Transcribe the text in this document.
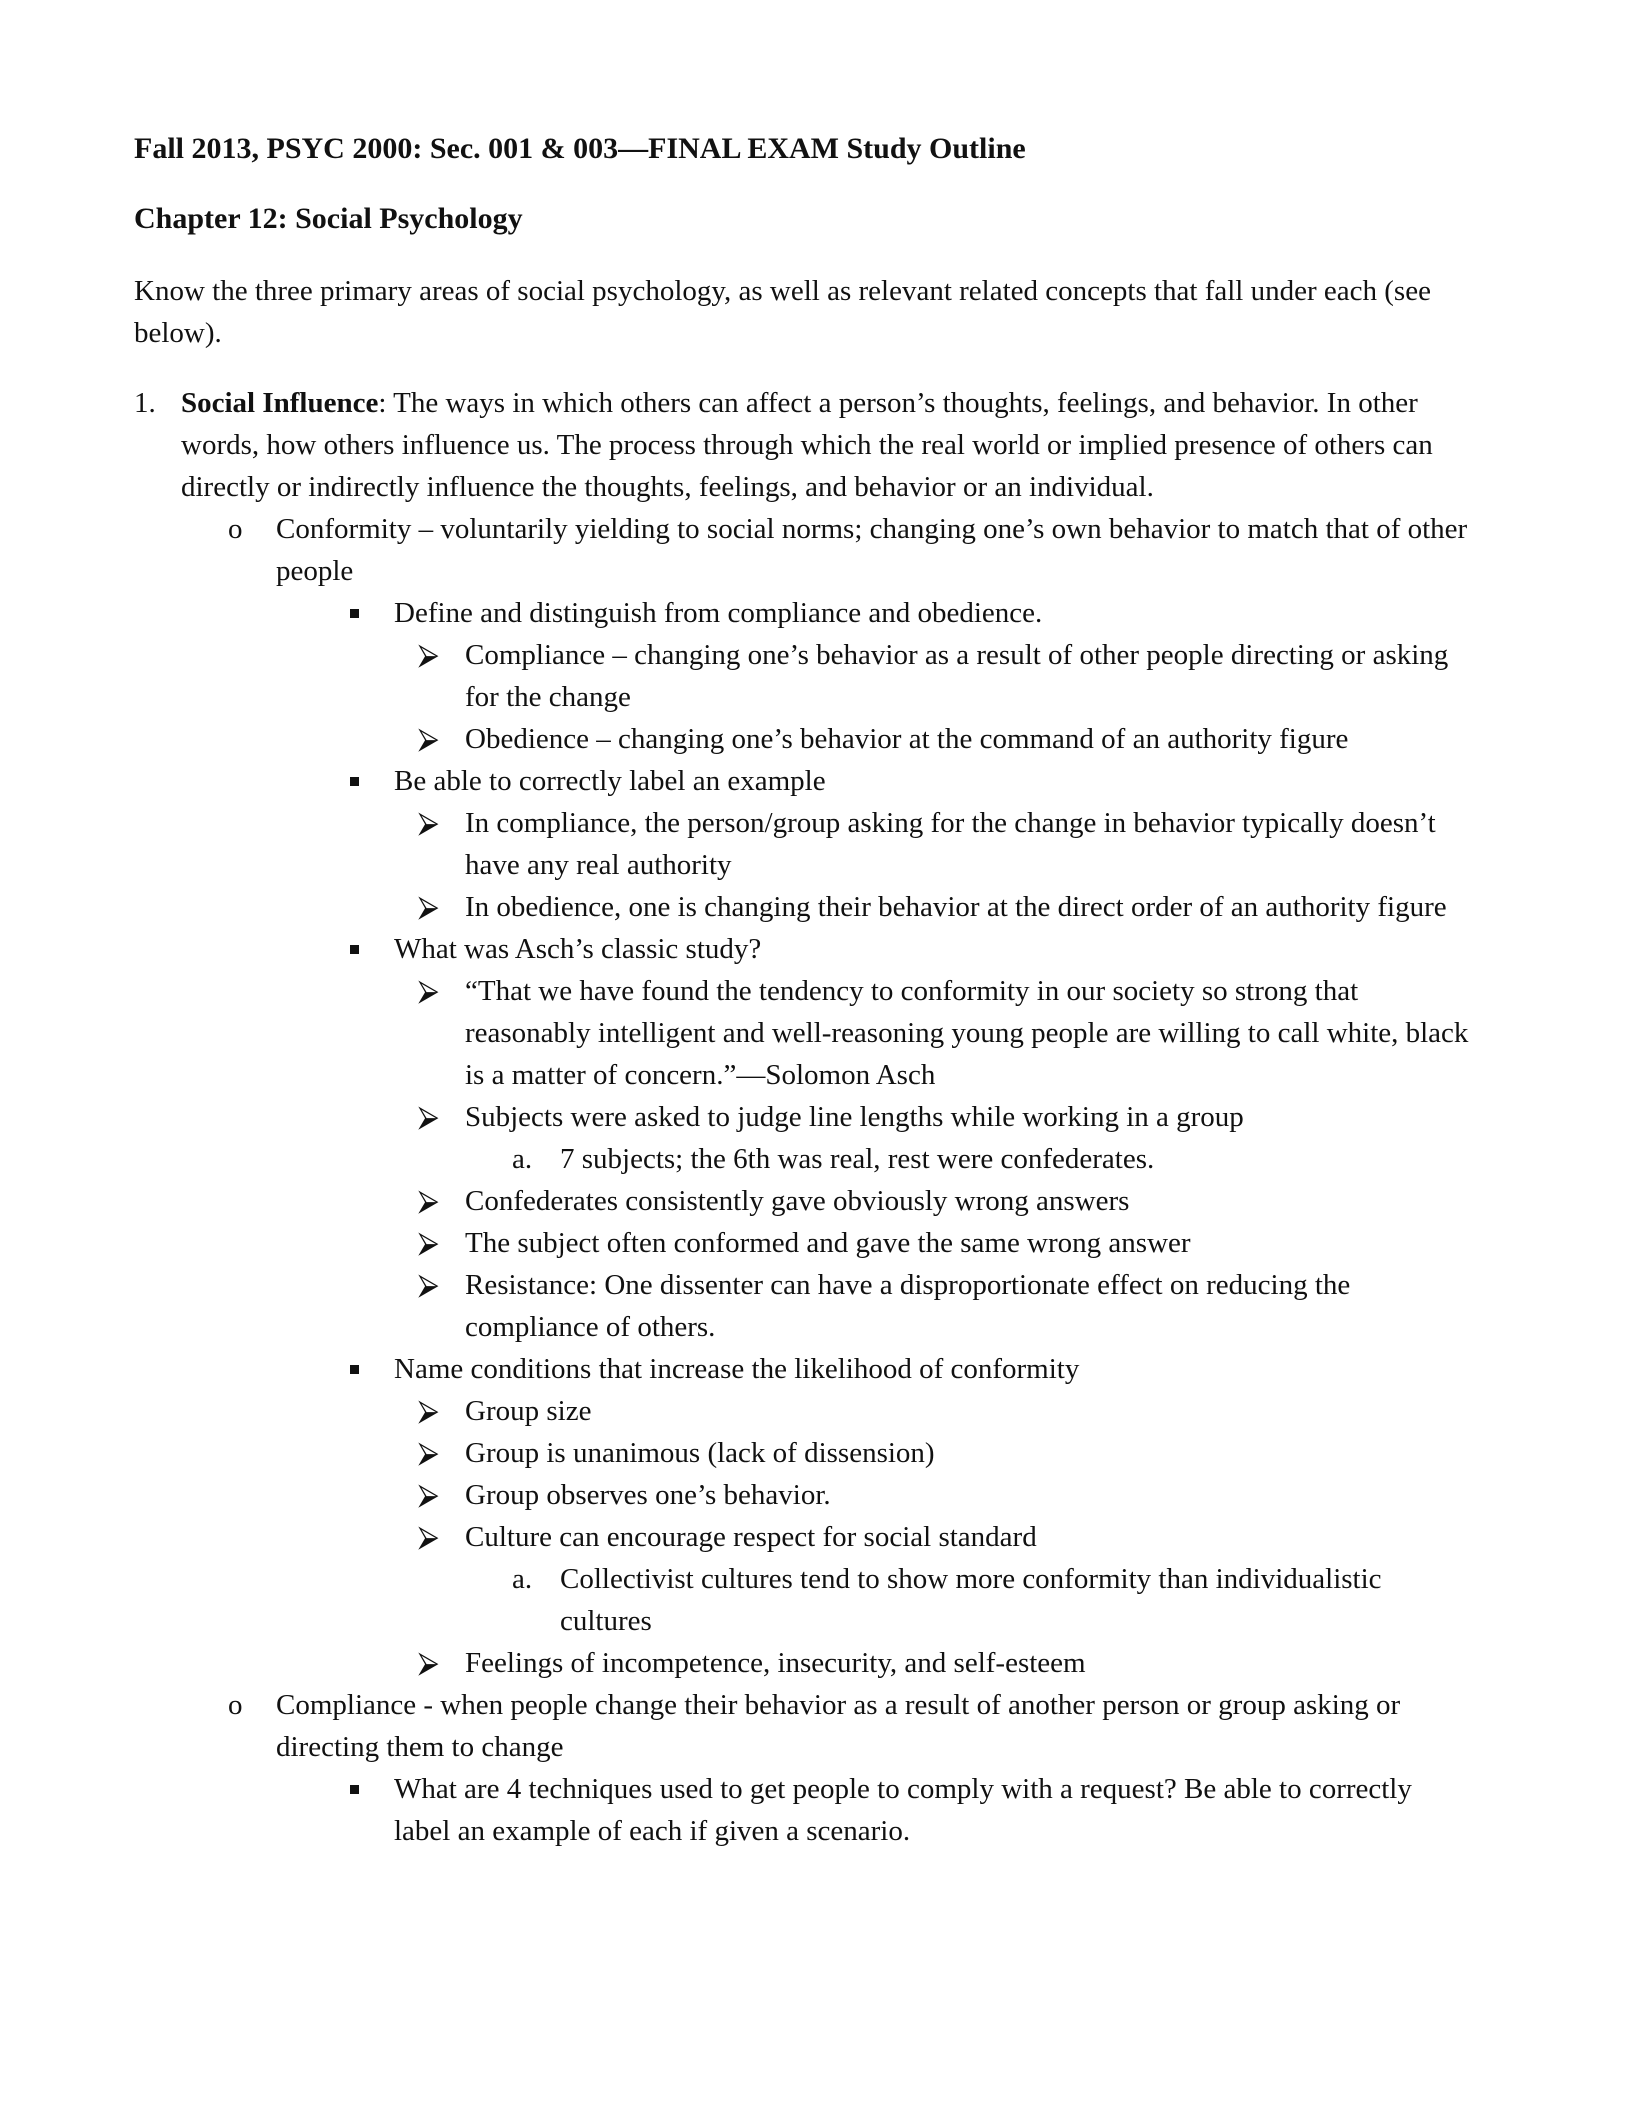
Fall 2013, PSYC 2000: Sec. 001 & 003—FINAL EXAM Study Outline

Chapter 12: Social Psychology

Know the three primary areas of social psychology, as well as relevant related concepts that fall under each (see below).

1. Social Influence: The ways in which others can affect a person’s thoughts, feelings, and behavior. In other words, how others influence us. The process through which the real world or implied presence of others can directly or indirectly influence the thoughts, feelings, and behavior or an individual.
o Conformity – voluntarily yielding to social norms; changing one’s own behavior to match that of other people
Define and distinguish from compliance and obedience.
⮚ Compliance – changing one’s behavior as a result of other people directing or asking for the change
⮚ Obedience – changing one’s behavior at the command of an authority figure
Be able to correctly label an example
⮚ In compliance, the person/group asking for the change in behavior typically doesn’t have any real authority
⮚ In obedience, one is changing their behavior at the direct order of an authority figure
What was Asch’s classic study?
⮚ “That we have found the tendency to conformity in our society so strong that reasonably intelligent and well-reasoning young people are willing to call white, black is a matter of concern.”—Solomon Asch
⮚ Subjects were asked to judge line lengths while working in a group
a. 7 subjects; the 6th was real, rest were confederates.
⮚ Confederates consistently gave obviously wrong answers
⮚ The subject often conformed and gave the same wrong answer
⮚ Resistance: One dissenter can have a disproportionate effect on reducing the compliance of others.
Name conditions that increase the likelihood of conformity
⮚ Group size
⮚ Group is unanimous (lack of dissension)
⮚ Group observes one’s behavior.
⮚ Culture can encourage respect for social standard
a. Collectivist cultures tend to show more conformity than individualistic cultures
⮚ Feelings of incompetence, insecurity, and self-esteem
o Compliance - when people change their behavior as a result of another person or group asking or directing them to change
What are 4 techniques used to get people to comply with a request? Be able to correctly label an example of each if given a scenario.
